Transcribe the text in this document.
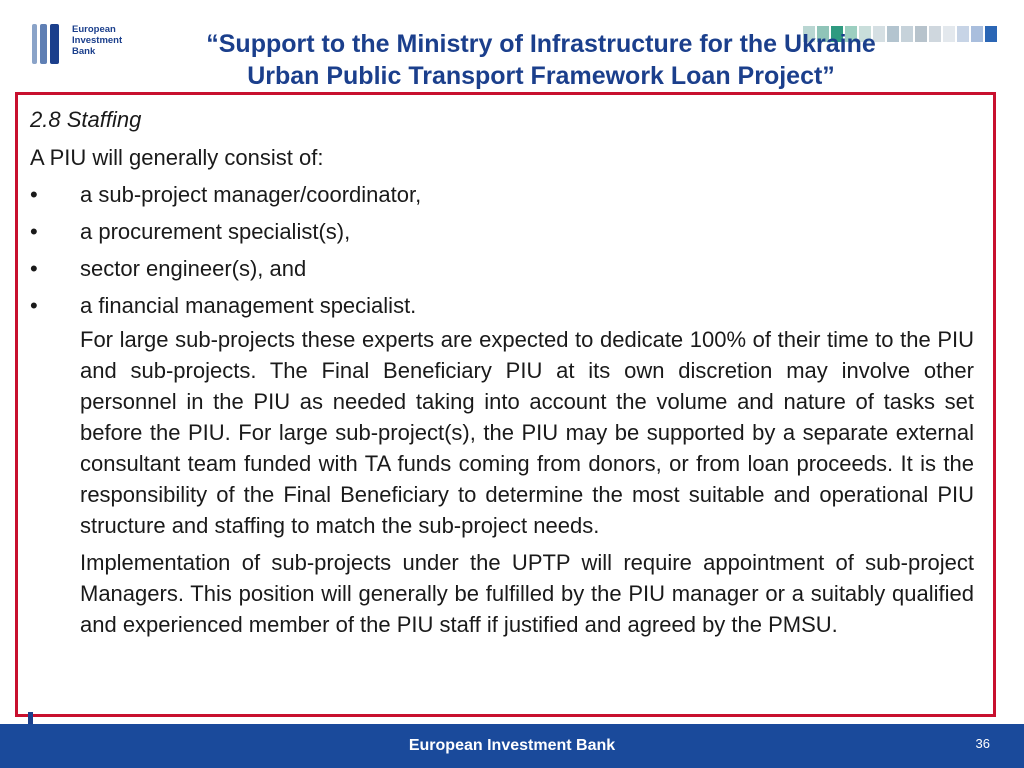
European
Investment
Bank	“Support to the Ministry of Infrastructure for the Ukraine
Urban Public Transport Framework Loan Project”

2.8 Staffing

A PIU will generally consist of:

• a sub-project manager/coordinator,
• a procurement specialist(s),
• sector engineer(s), and
• a financial management specialist.

For large sub-projects these experts are expected to dedicate 100% of their time to the PIU and sub-projects. The Final Beneficiary PIU at its own discretion may involve other personnel in the PIU as needed taking into account the volume and nature of tasks set before the PIU. For large sub-project(s), the PIU may be supported by a separate external consultant team funded with TA funds coming from donors, or from loan proceeds. It is the responsibility of the Final Beneficiary to determine the most suitable and operational PIU structure and staffing to match the sub-project needs.

Implementation of sub-projects under the UPTP will require appointment of sub-project Managers. This position will generally be fulfilled by the PIU manager or a suitably qualified and experienced member of the PIU staff if justified and agreed by the PMSU.

European Investment Bank	36
